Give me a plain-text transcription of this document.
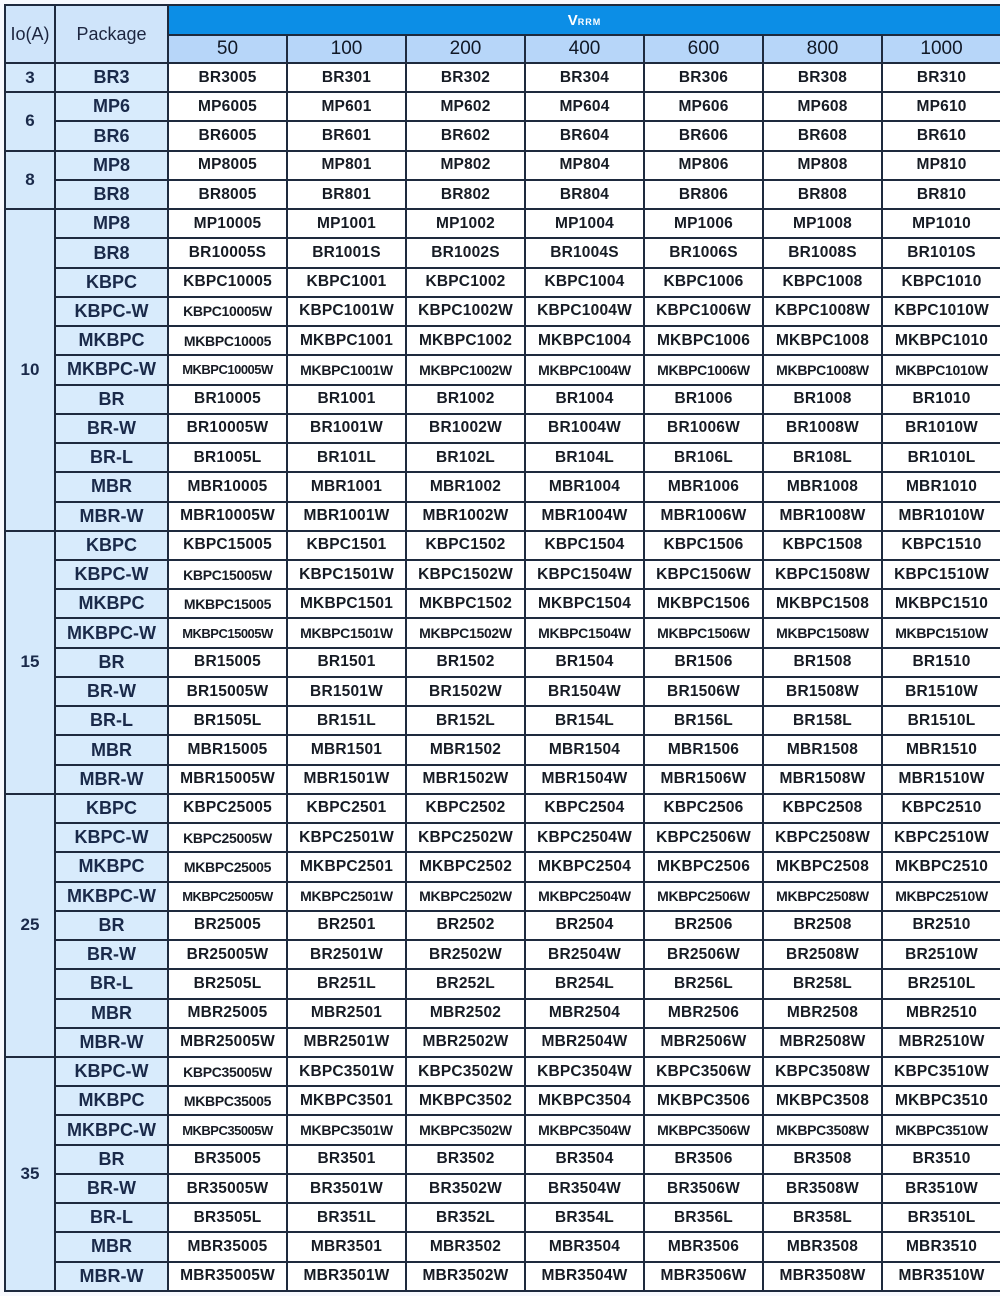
Io(A)	Package	VRRM						
		50	100	200	400	600	800	1000
3	BR3	BR3005	BR301	BR302	BR304	BR306	BR308	BR310
6	MP6	MP6005	MP601	MP602	MP604	MP606	MP608	MP610
	BR6	BR6005	BR601	BR602	BR604	BR606	BR608	BR610
8	MP8	MP8005	MP801	MP802	MP804	MP806	MP808	MP810
	BR8	BR8005	BR801	BR802	BR804	BR806	BR808	BR810
10	MP8	MP10005	MP1001	MP1002	MP1004	MP1006	MP1008	MP1010
	BR8	BR10005S	BR1001S	BR1002S	BR1004S	BR1006S	BR1008S	BR1010S
	KBPC	KBPC10005	KBPC1001	KBPC1002	KBPC1004	KBPC1006	KBPC1008	KBPC1010
	KBPC-W	KBPC10005W	KBPC1001W	KBPC1002W	KBPC1004W	KBPC1006W	KBPC1008W	KBPC1010W
	MKBPC	MKBPC10005	MKBPC1001	MKBPC1002	MKBPC1004	MKBPC1006	MKBPC1008	MKBPC1010
	MKBPC-W	MKBPC10005W	MKBPC1001W	MKBPC1002W	MKBPC1004W	MKBPC1006W	MKBPC1008W	MKBPC1010W
	BR	BR10005	BR1001	BR1002	BR1004	BR1006	BR1008	BR1010
	BR-W	BR10005W	BR1001W	BR1002W	BR1004W	BR1006W	BR1008W	BR1010W
	BR-L	BR1005L	BR101L	BR102L	BR104L	BR106L	BR108L	BR1010L
	MBR	MBR10005	MBR1001	MBR1002	MBR1004	MBR1006	MBR1008	MBR1010
	MBR-W	MBR10005W	MBR1001W	MBR1002W	MBR1004W	MBR1006W	MBR1008W	MBR1010W
15	KBPC	KBPC15005	KBPC1501	KBPC1502	KBPC1504	KBPC1506	KBPC1508	KBPC1510
	KBPC-W	KBPC15005W	KBPC1501W	KBPC1502W	KBPC1504W	KBPC1506W	KBPC1508W	KBPC1510W
	MKBPC	MKBPC15005	MKBPC1501	MKBPC1502	MKBPC1504	MKBPC1506	MKBPC1508	MKBPC1510
	MKBPC-W	MKBPC15005W	MKBPC1501W	MKBPC1502W	MKBPC1504W	MKBPC1506W	MKBPC1508W	MKBPC1510W
	BR	BR15005	BR1501	BR1502	BR1504	BR1506	BR1508	BR1510
	BR-W	BR15005W	BR1501W	BR1502W	BR1504W	BR1506W	BR1508W	BR1510W
	BR-L	BR1505L	BR151L	BR152L	BR154L	BR156L	BR158L	BR1510L
	MBR	MBR15005	MBR1501	MBR1502	MBR1504	MBR1506	MBR1508	MBR1510
	MBR-W	MBR15005W	MBR1501W	MBR1502W	MBR1504W	MBR1506W	MBR1508W	MBR1510W
25	KBPC	KBPC25005	KBPC2501	KBPC2502	KBPC2504	KBPC2506	KBPC2508	KBPC2510
	KBPC-W	KBPC25005W	KBPC2501W	KBPC2502W	KBPC2504W	KBPC2506W	KBPC2508W	KBPC2510W
	MKBPC	MKBPC25005	MKBPC2501	MKBPC2502	MKBPC2504	MKBPC2506	MKBPC2508	MKBPC2510
	MKBPC-W	MKBPC25005W	MKBPC2501W	MKBPC2502W	MKBPC2504W	MKBPC2506W	MKBPC2508W	MKBPC2510W
	BR	BR25005	BR2501	BR2502	BR2504	BR2506	BR2508	BR2510
	BR-W	BR25005W	BR2501W	BR2502W	BR2504W	BR2506W	BR2508W	BR2510W
	BR-L	BR2505L	BR251L	BR252L	BR254L	BR256L	BR258L	BR2510L
	MBR	MBR25005	MBR2501	MBR2502	MBR2504	MBR2506	MBR2508	MBR2510
	MBR-W	MBR25005W	MBR2501W	MBR2502W	MBR2504W	MBR2506W	MBR2508W	MBR2510W
35	KBPC-W	KBPC35005W	KBPC3501W	KBPC3502W	KBPC3504W	KBPC3506W	KBPC3508W	KBPC3510W
	MKBPC	MKBPC35005	MKBPC3501	MKBPC3502	MKBPC3504	MKBPC3506	MKBPC3508	MKBPC3510
	MKBPC-W	MKBPC35005W	MKBPC3501W	MKBPC3502W	MKBPC3504W	MKBPC3506W	MKBPC3508W	MKBPC3510W
	BR	BR35005	BR3501	BR3502	BR3504	BR3506	BR3508	BR3510
	BR-W	BR35005W	BR3501W	BR3502W	BR3504W	BR3506W	BR3508W	BR3510W
	BR-L	BR3505L	BR351L	BR352L	BR354L	BR356L	BR358L	BR3510L
	MBR	MBR35005	MBR3501	MBR3502	MBR3504	MBR3506	MBR3508	MBR3510
	MBR-W	MBR35005W	MBR3501W	MBR3502W	MBR3504W	MBR3506W	MBR3508W	MBR3510W
